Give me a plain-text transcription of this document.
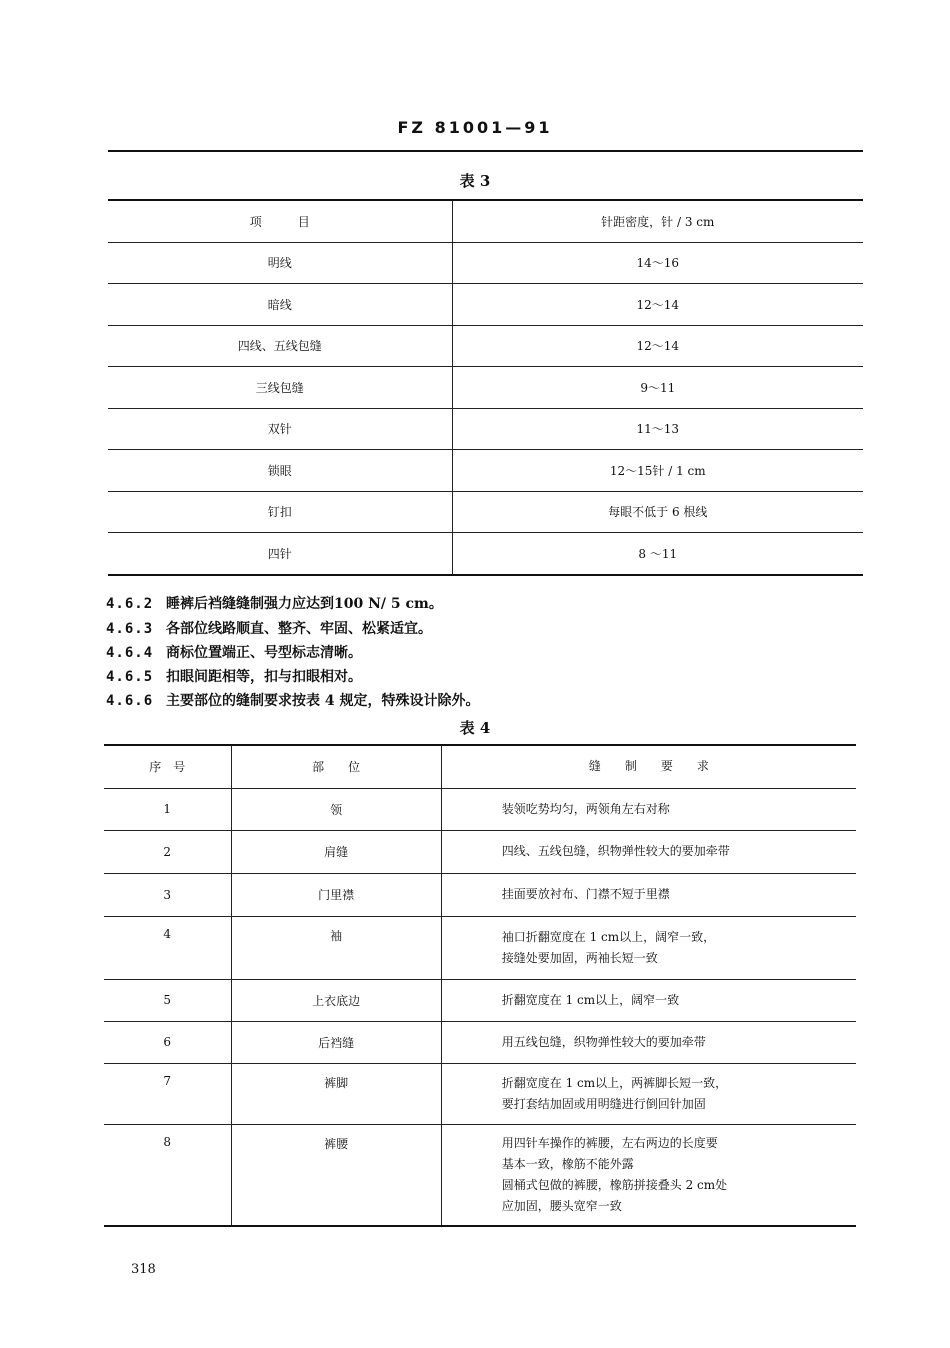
FZ 81001—91
表 3
项　　　目	针距密度，针 / 3 cm
明线	14～16
暗线	12～14
四线、五线包缝	12～14
三线包缝	9～11
双针	11～13
锁眼	12～15针 / 1 cm
钉扣	每眼不低于 6 根线
四针	8 ～11
4.6.2 睡裤后裆缝缝制强力应达到100 N/ 5 cm。
4.6.3 各部位线路顺直、整齐、牢固、松紧适宜。
4.6.4 商标位置端正、号型标志清晰。
4.6.5 扣眼间距相等，扣与扣眼相对。
4.6.6 主要部位的缝制要求按表 4 规定，特殊设计除外。
表 4
序　号	部　　位	缝　　制　　要　　求
1	领	装领吃势均匀，两领角左右对称

2	肩缝	四线、五线包缝，织物弹性较大的要加牵带

3	门里襟	挂面要放衬布、门襟不短于里襟

4	袖	袖口折翻宽度在 1 cm以上，阔窄一致，
接缝处要加固，两袖长短一致

5	上衣底边	折翻宽度在 1 cm以上，阔窄一致

6	后裆缝	用五线包缝，织物弹性较大的要加牵带

7	裤脚	折翻宽度在 1 cm以上，两裤脚长短一致，
要打套结加固或用明缝进行倒回针加固

8	裤腰	用四针车操作的裤腰，左右两边的长度要
基本一致，橡筋不能外露
圆桶式包做的裤腰，橡筋拼接叠头 2 cm处
应加固，腰头宽窄一致
318
